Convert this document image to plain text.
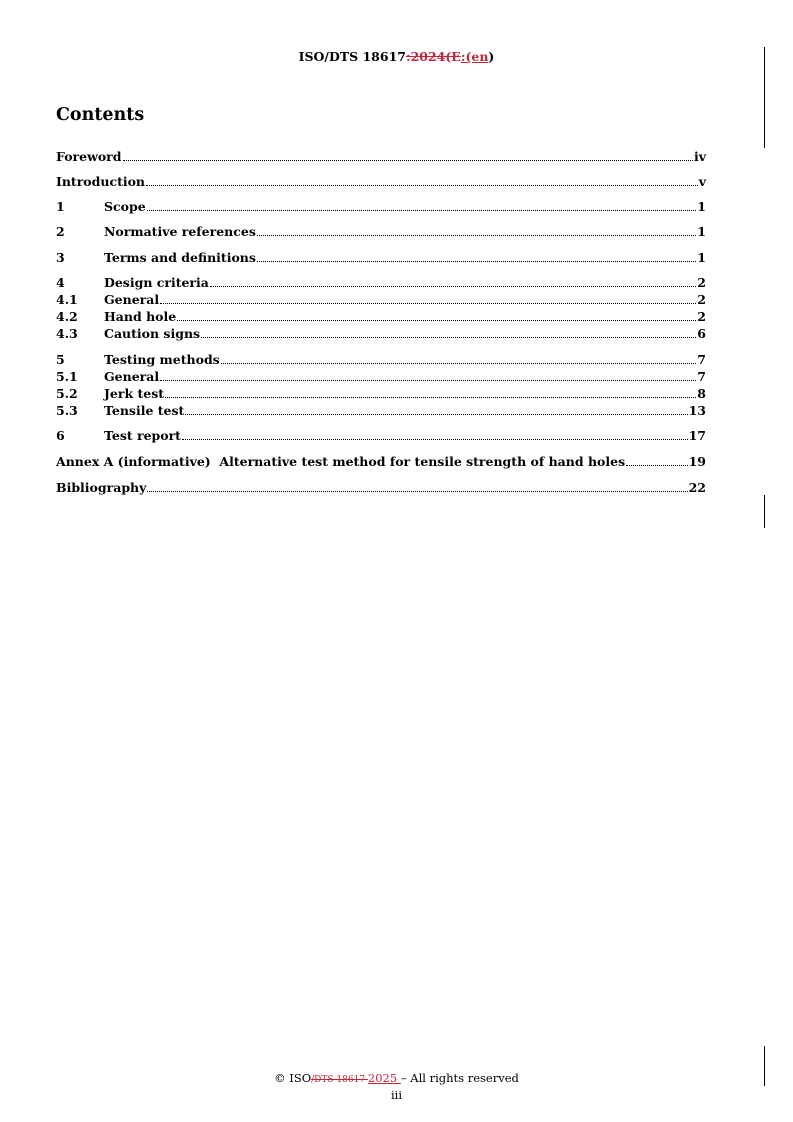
ISO/DTS 18617:2024(E:(en)
Contents
Foreword	iv
Introduction	v
1	Scope	1
2	Normative references	1
3	Terms and definitions	1
4	Design criteria	2
4.1	General	2
4.2	Hand hole	2
4.3	Caution signs	6
5	Testing methods	7
5.1	General	7
5.2	Jerk test	8
5.3	Tensile test	13
6	Test report	17
Annex A (informative)  Alternative test method for tensile strength of hand holes	19
Bibliography	22
© ISO/DTS 18617 2025 – All rights reserved
iii
